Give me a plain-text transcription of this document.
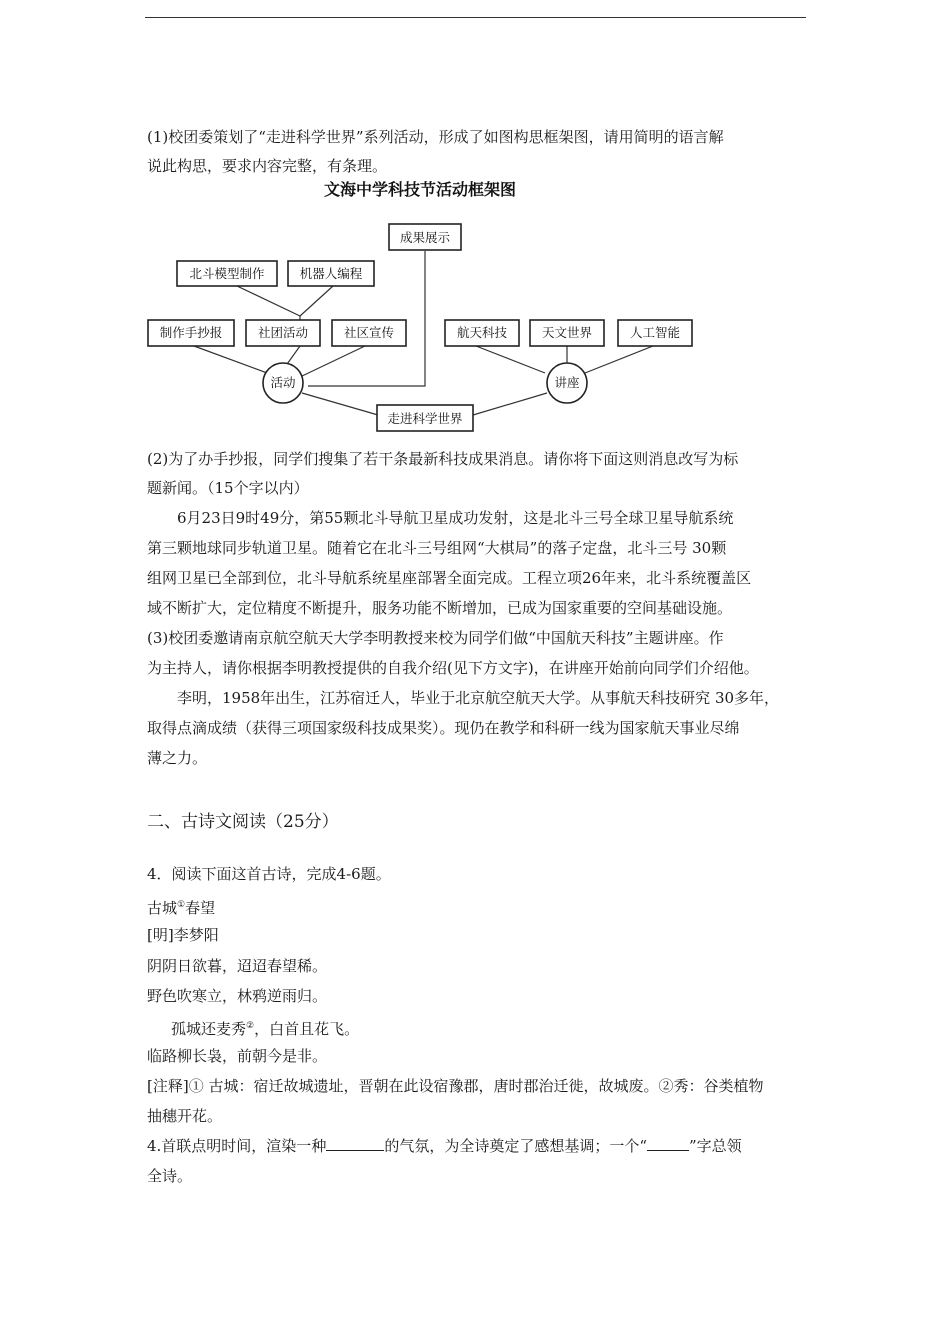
(1)校团委策划了“走进科学世界”系列活动，形成了如图构思框架图，请用简明的语言解
说此构思，要求内容完整，有条理。
文海中学科技节活动框架图
成果展示
北斗模型制作	机器人编程
制作手抄报	社团活动	社区宣传
活动
航天科技	天文世界	人工智能
讲座
走进科学世界
(2)为了办手抄报，同学们搜集了若干条最新科技成果消息。请你将下面这则消息改写为标
题新闻。（15个字以内）
6月23日9时49分，第55颗北斗导航卫星成功发射，这是北斗三号全球卫星导航系统
第三颗地球同步轨道卫星。随着它在北斗三号组网“大棋局”的落子定盘，北斗三号 30颗
组网卫星已全部到位，北斗导航系统星座部署全面完成。工程立项26年来，北斗系统覆盖区
域不断扩大，定位精度不断提升，服务功能不断增加，已成为国家重要的空间基础设施。
(3)校团委邀请南京航空航天大学李明教授来校为同学们做“中国航天科技”主题讲座。作
为主持人，请你根据李明教授提供的自我介绍(见下方文字)，在讲座开始前向同学们介绍他。
李明，1958年出生，江苏宿迁人，毕业于北京航空航天大学。从事航天科技研究 30多年，
取得点滴成绩（获得三项国家级科技成果奖）。现仍在教学和科研一线为国家航天事业尽绵
薄之力。
二、古诗文阅读（25分）
4．阅读下面这首古诗，完成4-6题。
古城①春望
[明]李梦阳
阴阴日欲暮，迢迢春望稀。
野色吹寒立，林鸦逆雨归。
孤城还麦秀②，白首且花飞。
临路柳长袅，前朝今是非。
[注释]① 古城：宿迁故城遗址，晋朝在此设宿豫郡，唐时郡治迁徙，故城废。②秀：谷类植物
抽穗开花。
4.首联点明时间，渲染一种	的气氛，为全诗奠定了感想基调；一个“	”字总领
全诗。
